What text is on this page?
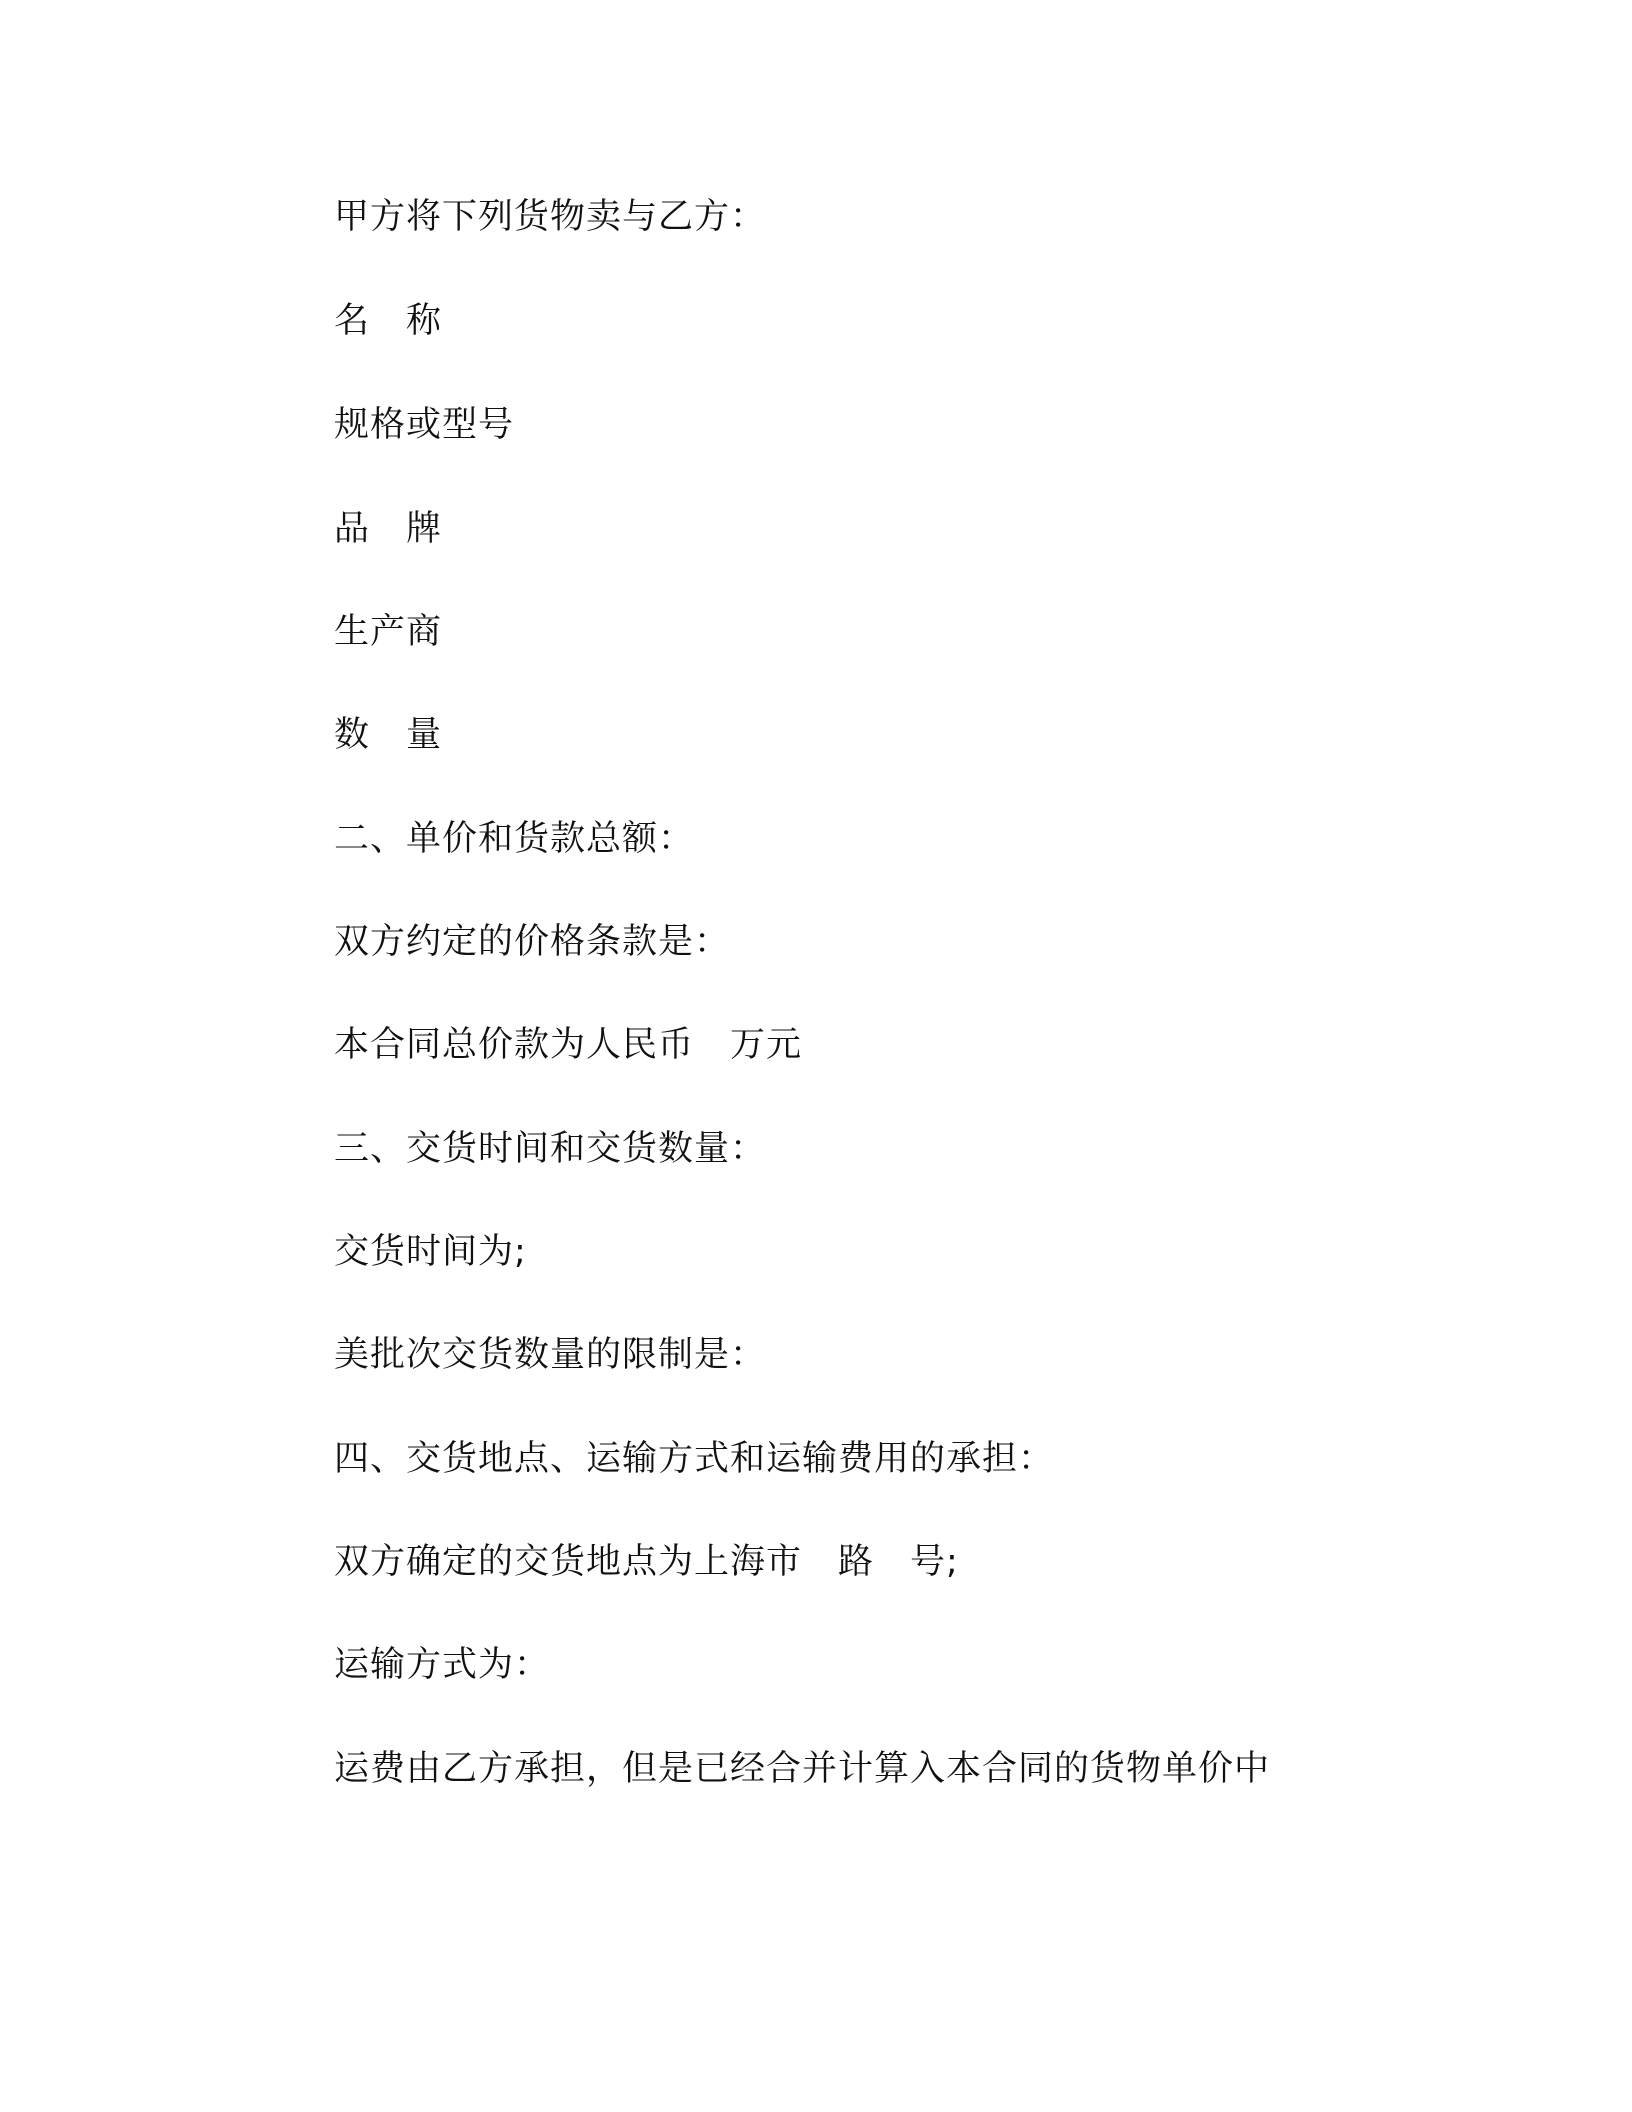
甲方将下列货物卖与乙方：
名　称
规格或型号
品　牌
生产商
数　量
二、单价和货款总额：
双方约定的价格条款是：
本合同总价款为人民币　万元
三、交货时间和交货数量：
交货时间为;
美批次交货数量的限制是：
四、交货地点、运输方式和运输费用的承担：
双方确定的交货地点为上海市　路　号;
运输方式为：
运费由乙方承担，但是已经合并计算入本合同的货物单价中
